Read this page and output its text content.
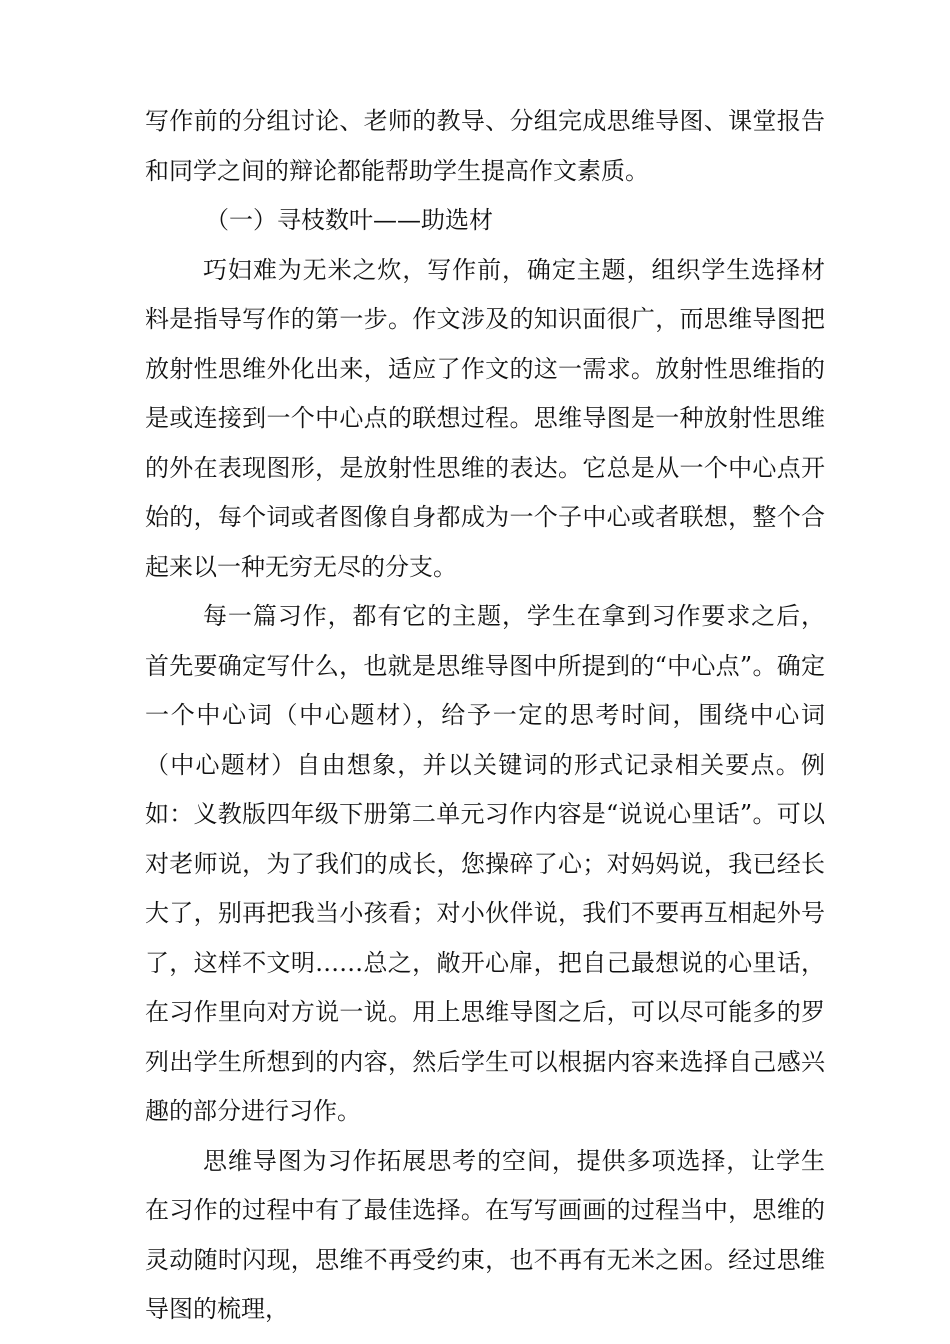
写作前的分组讨论、老师的教导、分组完成思维导图、课堂报告和同学之间的辩论都能帮助学生提高作文素质。

（一）寻枝数叶——助选材

巧妇难为无米之炊，写作前，确定主题，组织学生选择材料是指导写作的第一步。作文涉及的知识面很广，而思维导图把放射性思维外化出来，适应了作文的这一需求。放射性思维指的是或连接到一个中心点的联想过程。思维导图是一种放射性思维的外在表现图形，是放射性思维的表达。它总是从一个中心点开始的，每个词或者图像自身都成为一个子中心或者联想，整个合起来以一种无穷无尽的分支。

每一篇习作，都有它的主题，学生在拿到习作要求之后，首先要确定写什么，也就是思维导图中所提到的“中心点”。确定一个中心词（中心题材），给予一定的思考时间，围绕中心词（中心题材）自由想象，并以关键词的形式记录相关要点。例如：义教版四年级下册第二单元习作内容是“说说心里话”。可以对老师说，为了我们的成长，您操碎了心；对妈妈说，我已经长大了，别再把我当小孩看；对小伙伴说，我们不要再互相起外号了，这样不文明……总之，敞开心扉，把自己最想说的心里话，在习作里向对方说一说。用上思维导图之后，可以尽可能多的罗列出学生所想到的内容，然后学生可以根据内容来选择自己感兴趣的部分进行习作。

思维导图为习作拓展思考的空间，提供多项选择，让学生在习作的过程中有了最佳选择。在写写画画的过程当中，思维的灵动随时闪现，思维不再受约束，也不再有无米之困。经过思维导图的梳理，
